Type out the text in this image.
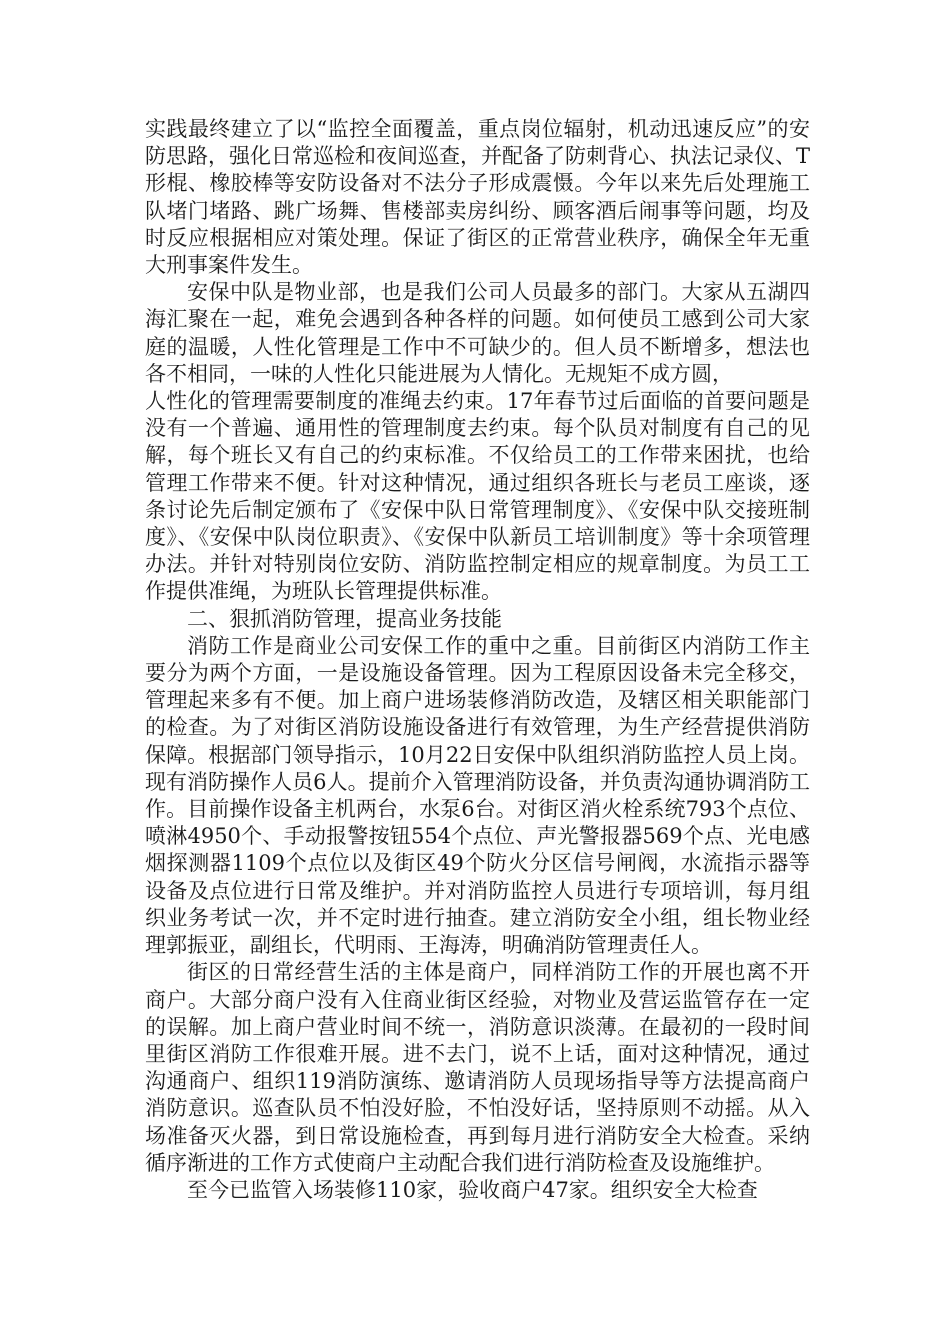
实践最终建立了以“监控全面覆盖，重点岗位辐射，机动迅速反应”的安防思路，强化日常巡检和夜间巡查，并配备了防刺背心、执法记录仪、T形棍、橡胶棒等安防设备对不法分子形成震慑。今年以来先后处理施工队堵门堵路、跳广场舞、售楼部卖房纠纷、顾客酒后闹事等问题，均及时反应根据相应对策处理。保证了街区的正常营业秩序，确保全年无重大刑事案件发生。

安保中队是物业部，也是我们公司人员最多的部门。大家从五湖四海汇聚在一起，难免会遇到各种各样的问题。如何使员工感到公司大家庭的温暖，人性化管理是工作中不可缺少的。但人员不断增多，想法也各不相同，一味的人性化只能进展为人情化。无规矩不成方圆，

人性化的管理需要制度的准绳去约束。17年春节过后面临的首要问题是没有一个普遍、通用性的管理制度去约束。每个队员对制度有自己的见解，每个班长又有自己的约束标准。不仅给员工的工作带来困扰，也给管理工作带来不便。针对这种情况，通过组织各班长与老员工座谈，逐条讨论先后制定颁布了《安保中队日常管理制度》、《安保中队交接班制度》、《安保中队岗位职责》、《安保中队新员工培训制度》等十余项管理办法。并针对特别岗位安防、消防监控制定相应的规章制度。为员工工作提供准绳，为班队长管理提供标准。

二、狠抓消防管理，提高业务技能

消防工作是商业公司安保工作的重中之重。目前街区内消防工作主要分为两个方面，一是设施设备管理。因为工程原因设备未完全移交，管理起来多有不便。加上商户进场装修消防改造，及辖区相关职能部门的检查。为了对街区消防设施设备进行有效管理，为生产经营提供消防保障。根据部门领导指示，10月22日安保中队组织消防监控人员上岗。现有消防操作人员6人。提前介入管理消防设备，并负责沟通协调消防工作。目前操作设备主机两台，水泵6台。对街区消火栓系统793个点位、喷淋4950个、手动报警按钮554个点位、声光警报器569个点、光电感烟探测器1109个点位以及街区49个防火分区信号闸阀，水流指示器等设备及点位进行日常及维护。并对消防监控人员进行专项培训，每月组织业务考试一次，并不定时进行抽查。建立消防安全小组，组长物业经理郭振亚，副组长，代明雨、王海涛，明确消防管理责任人。

街区的日常经营生活的主体是商户，同样消防工作的开展也离不开商户。大部分商户没有入住商业街区经验，对物业及营运监管存在一定的误解。加上商户营业时间不统一，消防意识淡薄。在最初的一段时间里街区消防工作很难开展。进不去门，说不上话，面对这种情况，通过沟通商户、组织119消防演练、邀请消防人员现场指导等方法提高商户消防意识。巡查队员不怕没好脸，不怕没好话，坚持原则不动摇。从入场准备灭火器，到日常设施检查，再到每月进行消防安全大检查。采纳循序渐进的工作方式使商户主动配合我们进行消防检查及设施维护。

至今已监管入场装修110家，验收商户47家。组织安全大检查
